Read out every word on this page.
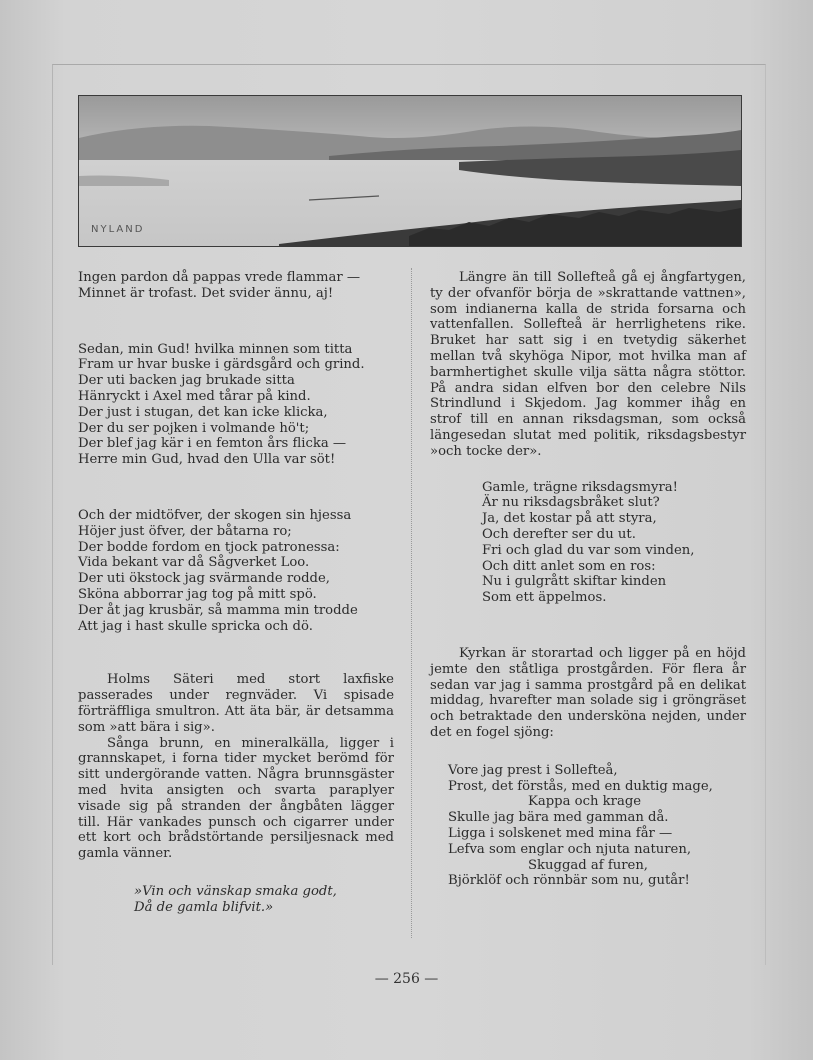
NYLAND
Ingen pardon då pappas vrede flammar —
Minnet är trofast. Det svider ännu, aj!
Sedan, min Gud! hvilka minnen som titta
Fram ur hvar buske i gärdsgård och grind.
Der uti backen jag brukade sitta
Hänryckt i Axel med tårar på kind.
Der just i stugan, det kan icke klicka,
Der du ser pojken i volmande hö't;
Der blef jag kär i en femton års flicka —
Herre min Gud, hvad den Ulla var söt!
Och der midtöfver, der skogen sin hjessa
Höjer just öfver, der båtarna ro;
Der bodde fordom en tjock patronessa:
Vida bekant var då Sågverket Loo.
Der uti ökstock jag svärmande rodde,
Sköna abborrar jag tog på mitt spö.
Der åt jag krusbär, så mamma min trodde
Att jag i hast skulle spricka och dö.

Holms Säteri med stort laxfiske passerades under regnväder. Vi spisade förträffliga smultron. Att äta bär, är detsamma som »att bära i sig».

Sånga brunn, en mineralkälla, ligger i grannskapet, i forna tider mycket berömd för sitt undergörande vatten. Några brunnsgäster med hvita ansigten och svarta paraplyer visade sig på stranden der ångbåten lägger till. Här vankades punsch och cigarrer under ett kort och brådstörtande persiljesnack med gamla vänner.

»Vin och vänskap smaka godt,
Då de gamla blifvit.»

Längre än till Sollefteå gå ej ångfartygen, ty der ofvanför börja de »skrattande vattnen», som indianerna kalla de strida forsarna och vattenfallen. Sollefteå är herrlighetens rike. Bruket har satt sig i en tvetydig säkerhet mellan två skyhöga Nipor, mot hvilka man af barmhertighet skulle vilja sätta några stöttor. På andra sidan elfven bor den celebre Nils Strindlund i Skjedom. Jag kommer ihåg en strof till en annan riksdagsman, som också längesedan slutat med politik, riksdagsbestyr »och tocke der».

Gamle, trägne riksdagsmyra!
Är nu riksdagsbråket slut?
Ja, det kostar på att styra,
Och derefter ser du ut.
Fri och glad du var som vinden,
Och ditt anlet som en ros:
Nu i gulgrått skiftar kinden
Som ett äppelmos.

Kyrkan är storartad och ligger på en höjd jemte den ståtliga prostgården. För flera år sedan var jag i samma prostgård på en delikat middag, hvarefter man solade sig i gröngräset och betraktade den undersköna nejden, under det en fogel sjöng:

Vore jag prest i Sollefteå,
Prost, det förstås, med en duktig mage,
Kappa och krage
Skulle jag bära med gamman då.
Ligga i solskenet med mina får —
Lefva som englar och njuta naturen,
Skuggad af furen,
Björklöf och rönnbär som nu, gutår!
— 256 —
